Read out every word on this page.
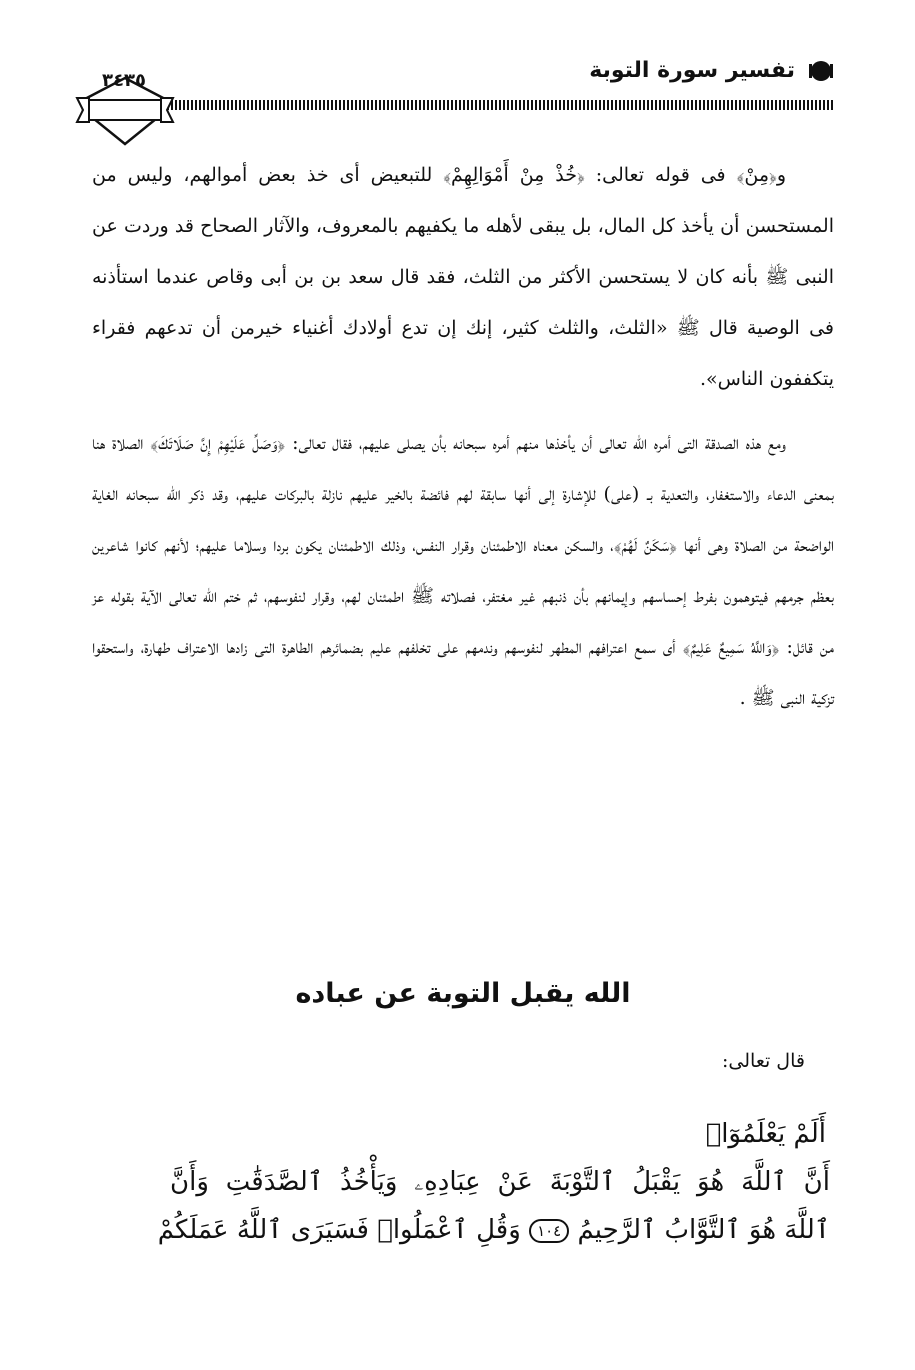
تفسير سورة التوبة
٣٤٣٥

و﴿مِنْ﴾ فى قوله تعالى: ﴿خُذْ مِنْ أَمْوَالِهِمْ﴾ للتبعيض أى خذ بعض أموالهم، وليس من المستحسن أن يأخذ كل المال، بل يبقى لأهله ما يكفيهم بالمعروف، والآثار الصحاح قد وردت عن النبى ﷺ بأنه كان لا يستحسن الأكثر من الثلث، فقد قال سعد بن بن أبى وقاص عندما استأذنه فى الوصية قال ﷺ «الثلث، والثلث كثير، إنك إن تدع أولادك أغنياء خيرمن أن تدعهم فقراء يتكففون الناس».

ومع هذه الصدقة التى أمره الله تعالى أن يأخذها منهم أمره سبحانه بأن يصلى عليهم، فقال تعالى: ﴿وَصَلِّ عَلَيْهِمْ إِنَّ صَلَاتَكَ﴾ الصلاة هنا بمعنى الدعاء والاستغفار، والتعدية بـ (على) للإشارة إلى أنها سابقة لهم فائضة بالخير عليهم نازلة بالبركات عليهم، وقد ذكر الله سبحانه الغاية الواضحة من الصلاة وهى أنها ﴿سَكَنٌ لَهُمْ﴾، والسكن معناه الاطمئنان وقرار النفس، وذلك الاطمئنان يكون بردا وسلاما عليهم؛ لأنهم كانوا شاعرين بعظم جرمهم فيتوهمون بفرط إحساسهم وإيمانهم بأن ذنبهم غير مغتفر، فصلاته ﷺ اطمئنان لهم، وقرار لنفوسهم، ثم ختم الله تعالى الآية بقوله عز من قائل: ﴿وَاللَّهُ سَمِيعٌ عَلِيمٌ﴾ أى سمع اعترافهم المطهر لنفوسهم وندمهم على تخلفهم عليم بضمائرهم الطاهرة التى زادها الاعتراف طهارة، واستحقوا تزكية النبى ﷺ .

الله يقبل التوبة عن عباده
قال تعالى:
أَلَمْ يَعْلَمُوٓا۟
أَنَّ ٱللَّهَ هُوَ يَقْبَلُ ٱلتَّوْبَةَ عَنْ عِبَادِهِۦ وَيَأْخُذُ ٱلصَّدَقَٰتِ وَأَنَّ
ٱللَّهَ هُوَ ٱلتَّوَّابُ ٱلرَّحِيمُ ١٠٤ وَقُلِ ٱعْمَلُوا۟ فَسَيَرَى ٱللَّهُ عَمَلَكُمْ
